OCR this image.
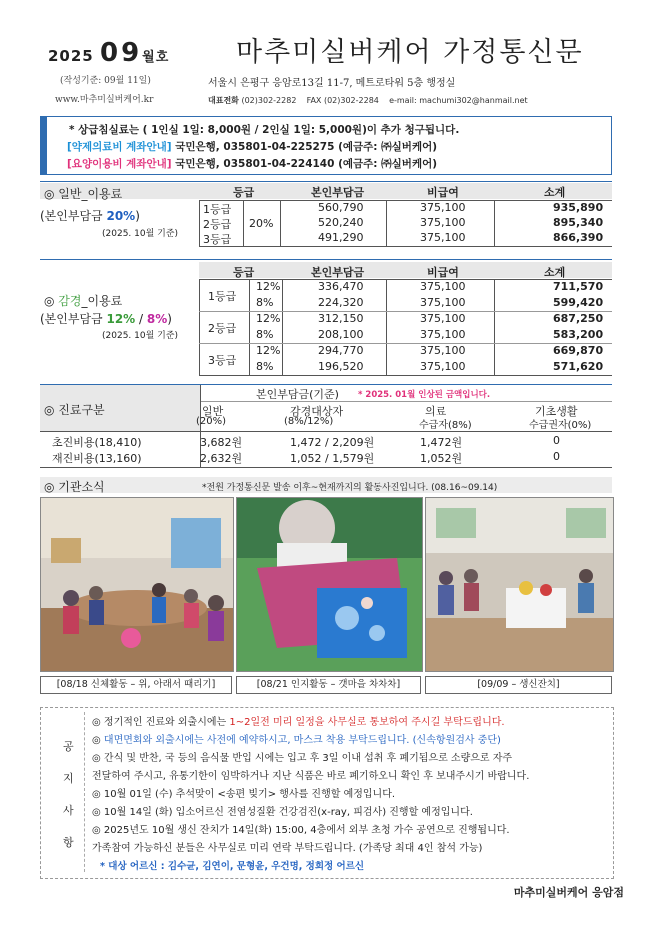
2025 09월호 마추미실버케어 가정통신문
(작성기준: 09월 11일)
www.마추미실버케어.kr
서울시 은평구 응암로13길 11-7, 메트로타워 5층 행정실
대표전화 (02)302-2282 FAX (02)302-2284 e-mail: machumi302@hanmail.net
* 상급침실료는 ( 1인실 1일: 8,000원 / 2인실 1일: 5,000원)이 추가 청구됩니다.
[약제의료비 계좌안내] 국민은행, 035801-04-225275 (예금주: ㈜실버케어)
[요양이용비 계좌안내] 국민은행, 035801-04-224140 (예금주: ㈜실버케어)
◎ 일반_이용료
(본인부담금 20%)
(2025. 10월 기준)
등급	본인부담금	비급여	소계
20%
등급	본인부담금	비급여	소계
◎ 감경_이용료
(본인부담금 12% / 8%)
(2025. 10월 기준)
◎ 진료구분
본인부담금(기준) * 2025. 01월 인상된 금액입니다.
◎ 기관소식	*전원 가정통신문 발송 이후~현재까지의 활동사진입니다. (08.16~09.14)
[08/18 신체활동 – 위, 아래서 때리기]	[08/21 인지활동 – 갯마을 차차차]	[09/09 – 생신잔치]
* 대상 어르신 : 김수균, 김연이, 문형윤, 우건명, 정희정 어르신
마추미실버케어 응암점
1등급	560,790	375,100	935,890
2등급	520,240	375,100	895,340
3등급	491,290	375,100	866,390
1등급
12%	336,470	375,100	711,570
8%	224,320	375,100	599,420
2등급
12%	312,150	375,100	687,250
8%	208,100	375,100	583,200
3등급
12%	294,770	375,100	669,870
8%	196,520	375,100	571,620
일반
(20%)
감경대상자
(8%/12%)
의료
수급자(8%)
기초생활
수급권자(0%)
초진비용(18,410)	3,682원	1,472 / 2,209원	1,472원	0
재진비용(13,160)	2,632원	1,052 / 1,579원	1,052원	0
공
지
사
항
◎ 정기적인 진료와 외출시에는 1~2일전 미리 일정을 사무실로 통보하여 주시길 부탁드립니다.
◎ 대면면회와 외출시에는 사전에 예약하시고, 마스크 착용 부탁드립니다. (신속항원검사 중단)
◎ 간식 및 반찬, 국 등의 음식물 반입 시에는 입고 후 3일 이내 섭취 후 폐기됨으로 소량으로 자주
전달하여 주시고, 유통기한이 임박하거나 지난 식품은 바로 폐기하오니 확인 후 보내주시기 바랍니다.
◎ 10월 01일 (수) 추석맞이 <송편 빚기> 행사를 진행할 예정입니다.
◎ 10월 14일 (화) 입소어르신 전염성질환 건강검진(x-ray, 피검사) 진행할 예정입니다.
◎ 2025년도 10월 생신 잔치가 14일(화) 15:00, 4층에서 외부 초청 가수 공연으로 진행됩니다.
가족참여 가능하신 분들은 사무실로 미리 연락 부탁드립니다. (가족당 최대 4인 참석 가능)
